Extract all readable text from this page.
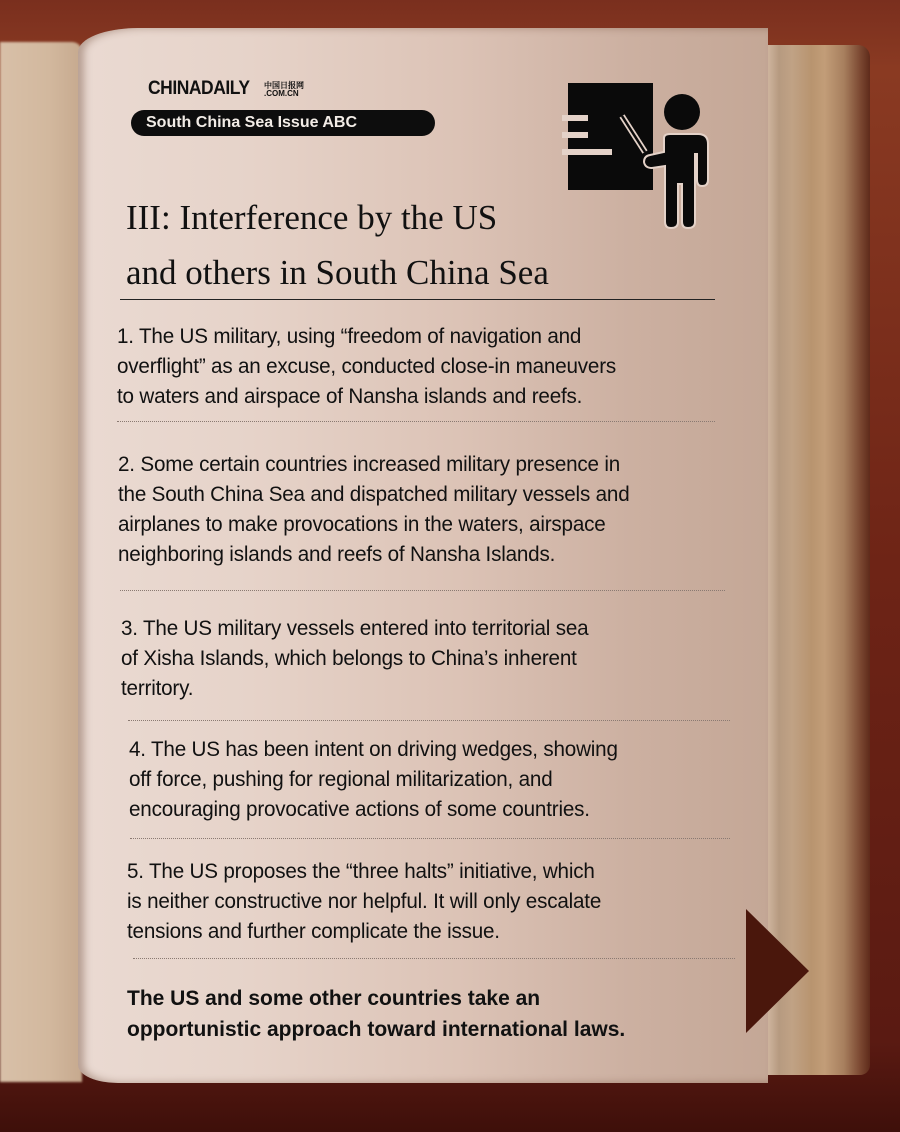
CHINADAILY 中国日报网
.COM.CN
South China Sea Issue ABC
III: Interference by the US
and others in South China Sea
1. The US military, using “freedom of navigation and
overflight” as an excuse, conducted close-in maneuvers
to waters and airspace of Nansha islands and reefs.
2. Some certain countries increased military presence in
the South China Sea and dispatched military vessels and
airplanes to make provocations in the waters, airspace
neighboring islands and reefs of Nansha Islands.
3. The US military vessels entered into territorial sea
of Xisha Islands, which belongs to China’s inherent
territory.
4. The US has been intent on driving wedges, showing
off force, pushing for regional militarization, and
encouraging provocative actions of some countries.
5. The US proposes the “three halts” initiative, which
is neither constructive nor helpful. It will only escalate
tensions and further complicate the issue.
The US and some other countries take an
opportunistic approach toward international laws.
